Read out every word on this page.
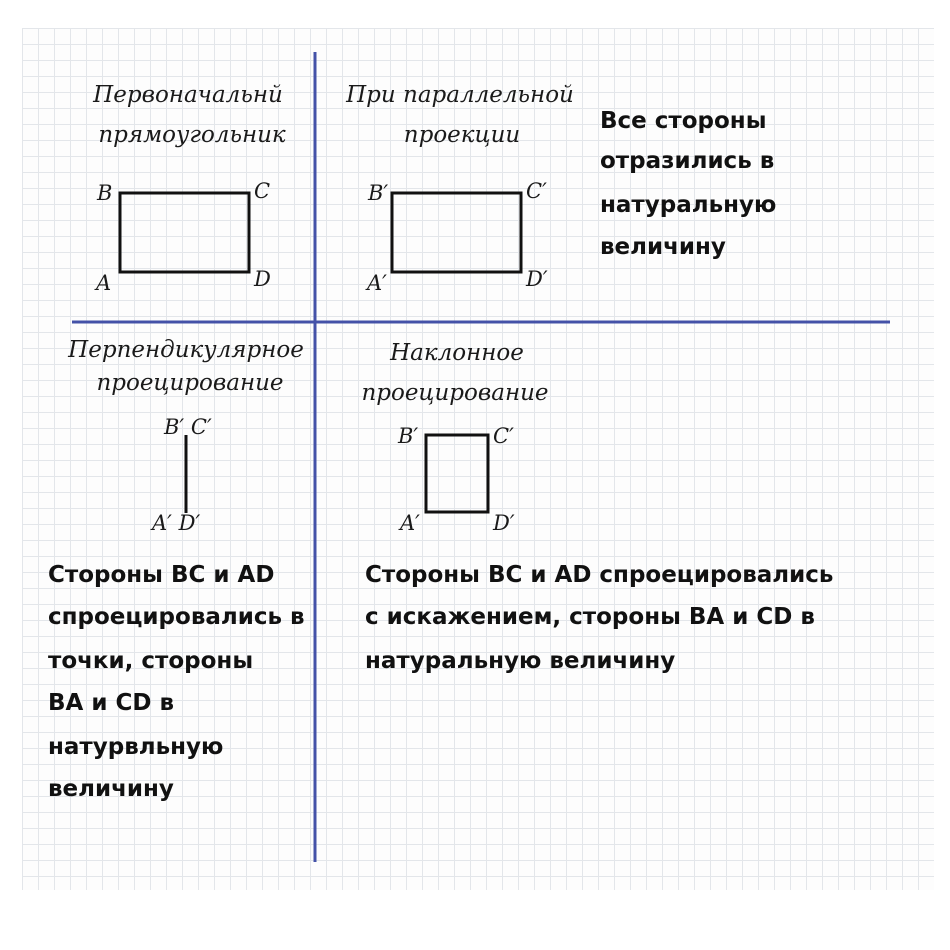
Первоначальнй
прямоугольник
B	C
A	D
При параллельной
проекции
B′	C′
A′	D′
Все стороны
отразились в
натуральную
величину
Перпендикулярное
проецирование
B′ C′
A′ D′
Стороны BC и AD
спроецировались в
точки, стороны
BA и CD в
натурвльную
величину
Наклонное
проецирование
B′	C′
A′	D′
Стороны BC и AD спроецировались
с искажением, стороны BA и CD в
натуральную величину
